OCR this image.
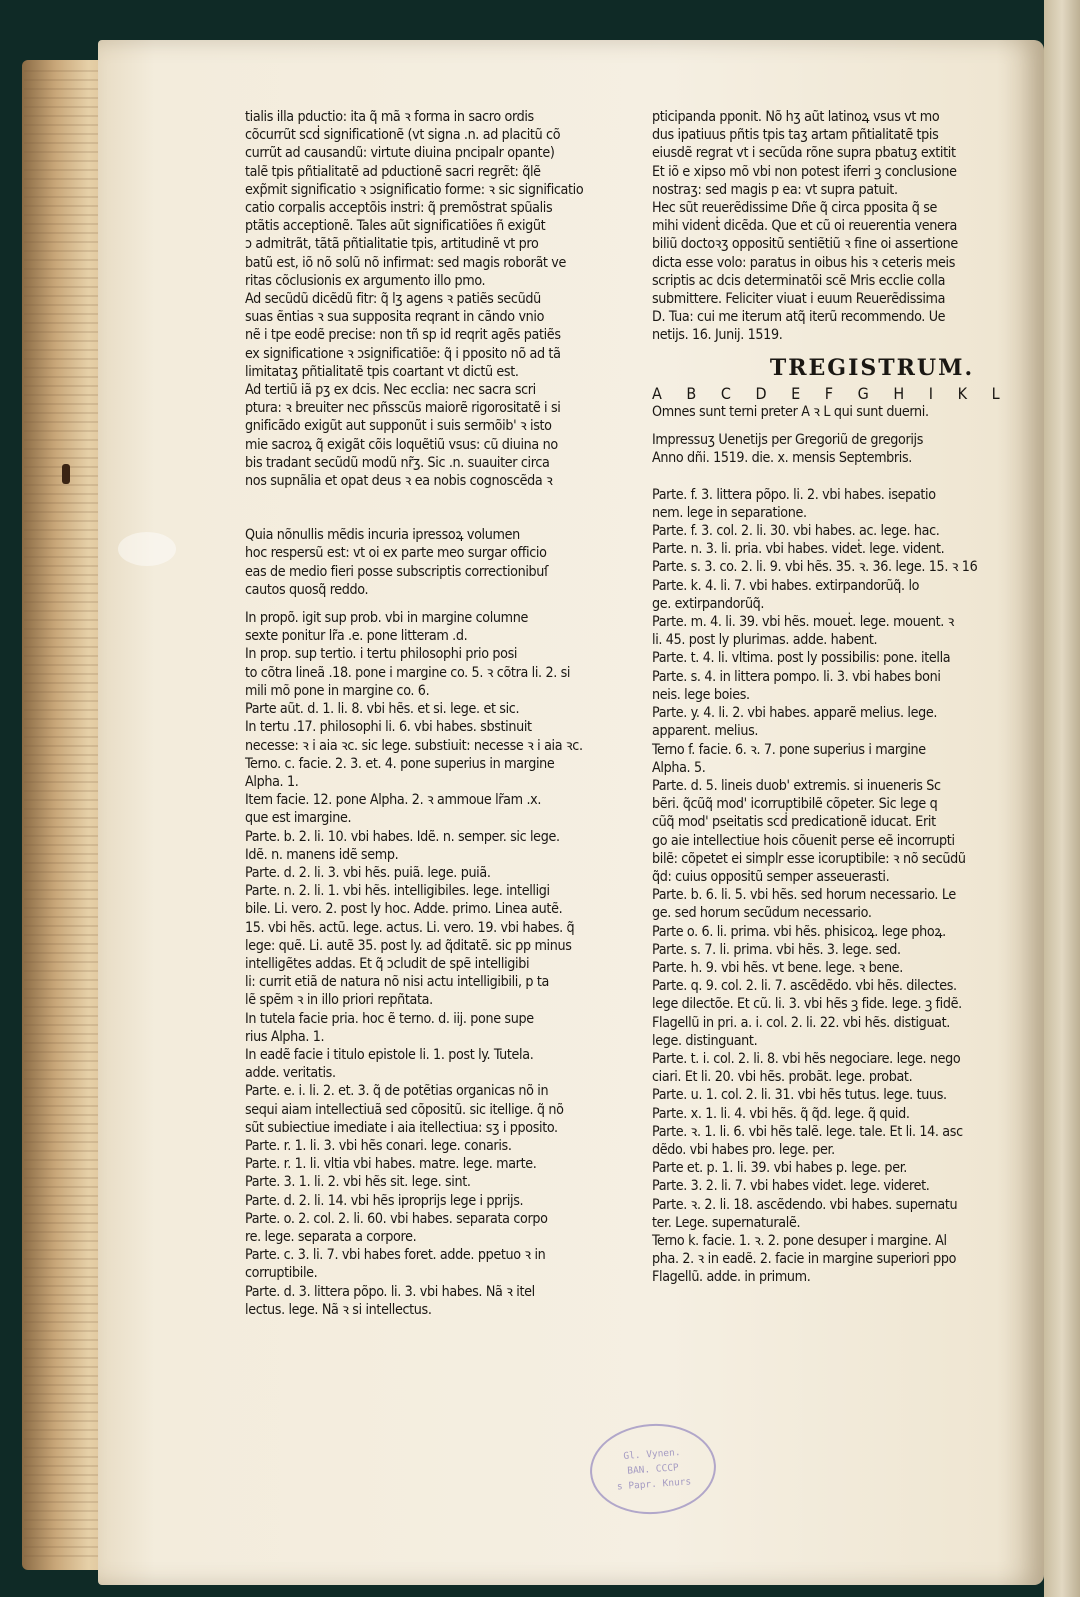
tialis illa pductio: ita q̃ mã ꝛ forma in sacro ordis

cõcurrũt scḋ significationẽ (vt signa .n. ad placitũ cõ

currũt ad causandũ: virtute diuina pncipalr opante)

talẽ tpis pñtialitatẽ ad pductionẽ sacri regrẽt: q̃lẽ

exp̃mit significatio ꝛ ↄsignificatio forme: ꝛ sic significatio

catio corpalis acceptõis instri: q̃ premõstrat spũalis

ptãtis acceptionẽ. Tales aũt significatiões ñ exigũt

ↄ admitrãt, tãtã pñtialitatie tpis, artitudinẽ vt pro

batũ est, iõ nõ solũ nõ infirmat: sed magis roborãt ve

ritas cõclusionis ex argumento illo pmo.

Ad secũdũ dicẽdũ fitr: q̃ lʒ agens ꝛ patiẽs secũdũ

suas ẽntias ꝛ sua supposita reqrant in cãndo vnio

nẽ i tpe eodẽ precise: non tñ sp id reqrit agẽs patiẽs

ex significatione ꝛ ↄsignificatiõe: q̃ i pposito nõ ad tã

limitataʒ pñtialitatẽ tpis coartant vt dictũ est.

Ad tertiũ iã pʒ ex dcis. Nec ecclia: nec sacra scri

ptura: ꝛ breuiter nec pñsscũs maiorẽ rigorositatẽ i si

gnificãdo exigũt aut supponũt i suis sermõib' ꝛ isto

mie sacroꝝ q̃ exigãt cõis loquẽtiũ vsus: cũ diuina no

bis tradant secũdũ modũ nr̃ʒ. Sic .n. suauiter circa

nos supnãlia et opat deus ꝛ ea nobis cognoscẽda ꝛ

Quia nõnullis mẽdis incuria ipressoꝝ volumen

hoc respersũ est: vt oi ex parte meo surgar officio

eas de medio fieri posse subscriptis correctionibuſ

cautos quosq̃ reddo.

In propõ. igit sup prob. vbi in margine columne

sexte ponitur lr̃a .e. pone litteram .d.

In prop. sup tertio. i tertu philosophi prio posi

to cõtra lineã .18. pone i margine co. 5. ꝛ cõtra li. 2. si

mili mõ pone in margine co. 6.

Parte aũt. d. 1. li. 8. vbi hẽs. et si. lege. et sic.

In tertu .17. philosophi li. 6. vbi habes. sbstinuit

necesse: ꝛ i aia ꝛc. sic lege. substiuit: necesse ꝛ i aia ꝛc.

Terno. c. facie. 2. 3. et. 4. pone superius in margine

Alpha. 1.

Item facie. 12. pone Alpha. 2. ꝛ ammoue lr̃am .x.

que est imargine.

Parte. b. 2. li. 10. vbi habes. Idẽ. n. semper. sic lege.

Idẽ. n. manens idẽ semp.

Parte. d. 2. li. 3. vbi hẽs. puiã. lege. puiã.

Parte. n. 2. li. 1. vbi hẽs. intelligibiles. lege. intelligi

bile. Li. vero. 2. post ly hoc. Adde. primo. Linea autẽ.

15. vbi hẽs. actũ. lege. actus. Li. vero. 19. vbi habes. q̃

lege: quẽ. Li. autẽ 35. post ly. ad q̃ditatẽ. sic pp minus

intelligẽtes addas. Et q̃ ↄcludit de spẽ intelligibi

li: currit etiã de natura nõ nisi actu intelligibili, p ta

lẽ spẽm ꝛ in illo priori repñtata.

In tutela facie pria. hoc ẽ terno. d. iij. pone supe

rius Alpha. 1.

In eadẽ facie i titulo epistole li. 1. post ly. Tutela.

adde. veritatis.

Parte. e. i. li. 2. et. 3. q̃ de potẽtias organicas nõ in

sequi aiam intellectiuã sed cõpositũ. sic itellige. q̃ nõ

sũt subiectiue imediate i aia itellectiua: sʒ i pposito.

Parte. r. 1. li. 3. vbi hẽs conari. lege. conaris.

Parte. r. 1. li. vltia vbi habes. matre. lege. marte.

Parte. 3. 1. li. 2. vbi hẽs sit. lege. sint.

Parte. d. 2. li. 14. vbi hẽs iproprijs lege i pprijs.

Parte. o. 2. col. 2. li. 60. vbi habes. separata corpo

re. lege. separata a corpore.

Parte. c. 3. li. 7. vbi habes foret. adde. ppetuo ꝛ in

corruptibile.

Parte. d. 3. littera põpo. li. 3. vbi habes. Nã ꝛ itel

lectus. lege. Nã ꝛ si intellectus.

pticipanda pponit. Nõ hʒ aũt latinoꝝ vsus vt mo

dus ipatiuus pñtis tpis taʒ artam pñtialitatẽ tpis

eiusdẽ regrat vt i secũda rõne supra pbatuʒ extitit

Et iõ e xipso mõ vbi non potest iferri ꝫ conclusione

nostraʒ: sed magis p ea: vt supra patuit.

Hec sũt reuerẽdissime Dñe q̃ circa pposita q̃ se

mihi videnṫ dicẽda. Que et cũ oi reuerentia venera

biliũ doctoꝛʒ oppositũ sentiẽtiũ ꝛ fine oi assertione

dicta esse volo: paratus in oibus his ꝛ ceteris meis

scriptis ac dcis determinatõi scẽ Mris ecclie colla

submittere. Feliciter viuat i euum Reuerẽdissima

D. Tua: cui me iterum atq̃ iterũ recommendo. Ue

netijs. 16. Junij. 1519.

TREGISTRUM.

A B C D E F G H I K L

Omnes sunt terni preter A ꝛ L qui sunt duerni.

Impressuʒ Uenetijs per Gregoriũ de gregorijs

Anno dñi. 1519. die. x. mensis Septembris.

Parte. f. 3. littera põpo. li. 2. vbi habes. isepatio

nem. lege in separatione.

Parte. f. 3. col. 2. li. 30. vbi habes. ac. lege. hac.

Parte. n. 3. li. pria. vbi habes. videṫ. lege. vident.

Parte. s. 3. co. 2. li. 9. vbi hẽs. 35. ꝛ. 36. lege. 15. ꝛ 16

Parte. k. 4. li. 7. vbi habes. extirpandorũq̃. lo

ge. extirpandorũq̃.

Parte. m. 4. li. 39. vbi hẽs. moueṫ. lege. mouent. ꝛ

li. 45. post ly plurimas. adde. habent.

Parte. t. 4. li. vltima. post ly possibilis: pone. itella

Parte. s. 4. in littera pompo. li. 3. vbi habes boni

neis. lege boies.

Parte. y. 4. li. 2. vbi habes. apparẽ melius. lege.

apparent. melius.

Terno f. facie. 6. ꝛ. 7. pone superius i margine

Alpha. 5.

Parte. d. 5. lineis duob' extremis. si inueneris Sc

bẽri. q̃cũq̃ mod' icorruptibilẽ cõpeter. Sic lege q

cũq̃ mod' pseitatis scḋ predicationẽ iducat. Erit

go aie intellectiue hois cõuenit perse eẽ incorrupti

bilẽ: cõpetet ei simplr esse icoruptibile: ꝛ nõ secũdũ

q̃d: cuius oppositũ semper asseuerasti.

Parte. b. 6. li. 5. vbi hẽs. sed horum necessario. Le

ge. sed horum secũdum necessario.

Parte o. 6. li. prima. vbi hẽs. phisicoꝝ. lege phoꝝ.

Parte. s. 7. li. prima. vbi hẽs. 3. lege. sed.

Parte. h. 9. vbi hẽs. vt bene. lege. ꝛ bene.

Parte. q. 9. col. 2. li. 7. ascẽdẽdo. vbi hẽs. dilectes.

lege dilectõe. Et cũ. li. 3. vbi hẽs ꝫ fide. lege. ꝫ fidẽ.

Flagellũ in pri. a. i. col. 2. li. 22. vbi hẽs. distiguat.

lege. distinguant.

Parte. t. i. col. 2. li. 8. vbi hẽs negociare. lege. nego

ciari. Et li. 20. vbi hẽs. probãt. lege. probat.

Parte. u. 1. col. 2. li. 31. vbi hẽs tutus. lege. tuus.

Parte. x. 1. li. 4. vbi hẽs. q̃ q̃d. lege. q̃ quid.

Parte. ꝛ. 1. li. 6. vbi hẽs talẽ. lege. tale. Et li. 14. asc

dẽdo. vbi habes pro. lege. per.

Parte et. p. 1. li. 39. vbi habes p. lege. per.

Parte. 3. 2. li. 7. vbi habes videt. lege. videret.

Parte. ꝛ. 2. li. 18. ascẽdendo. vbi habes. supernatu

ter. Lege. supernaturalẽ.

Terno k. facie. 1. ꝛ. 2. pone desuper i margine. Al

pha. 2. ꝛ in eadẽ. 2. facie in margine superiori ppo

Flagellũ. adde. in primum.

Gl. Vynen.
BAN. CCCP
s Papr. Knurs
